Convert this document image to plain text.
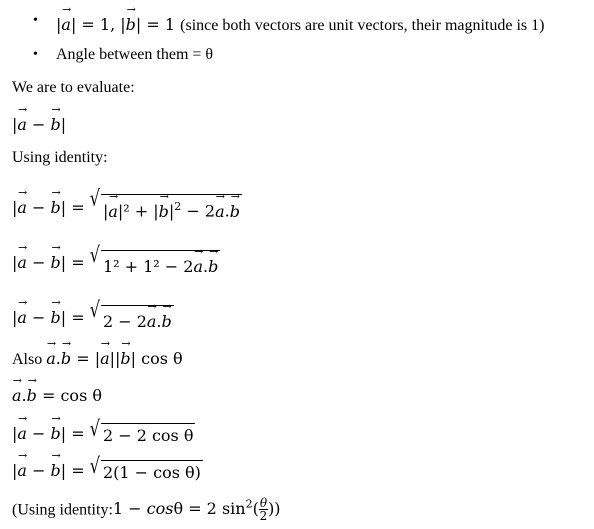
• |→ a| = 1, |→ b| = 1 (since both vectors are unit vectors, their magnitude is 1)
• Angle between them = θ
We are to evaluate:
|→ a − → b|
Using identity:
|→ a − → b| = √ |→ a|² + |→ $b|^2 - 2\to a.\to b$
|→ a − → b| = √ 1² + 1² − 2→ a.→ b
|→ a − → b| = √ 2 − 2→ a.→ b
Also → a.→ b = |→ a||→ b| cos θ
→ a.→ b = cos θ
|→ a − → b| = √ 2 − 2 cos θ
|→ a − → b| = √ 2(1 − cos θ)
(Using identity:1 − cosθ = 2 $\sin^2( \frac{\theta}{2}$ ))
